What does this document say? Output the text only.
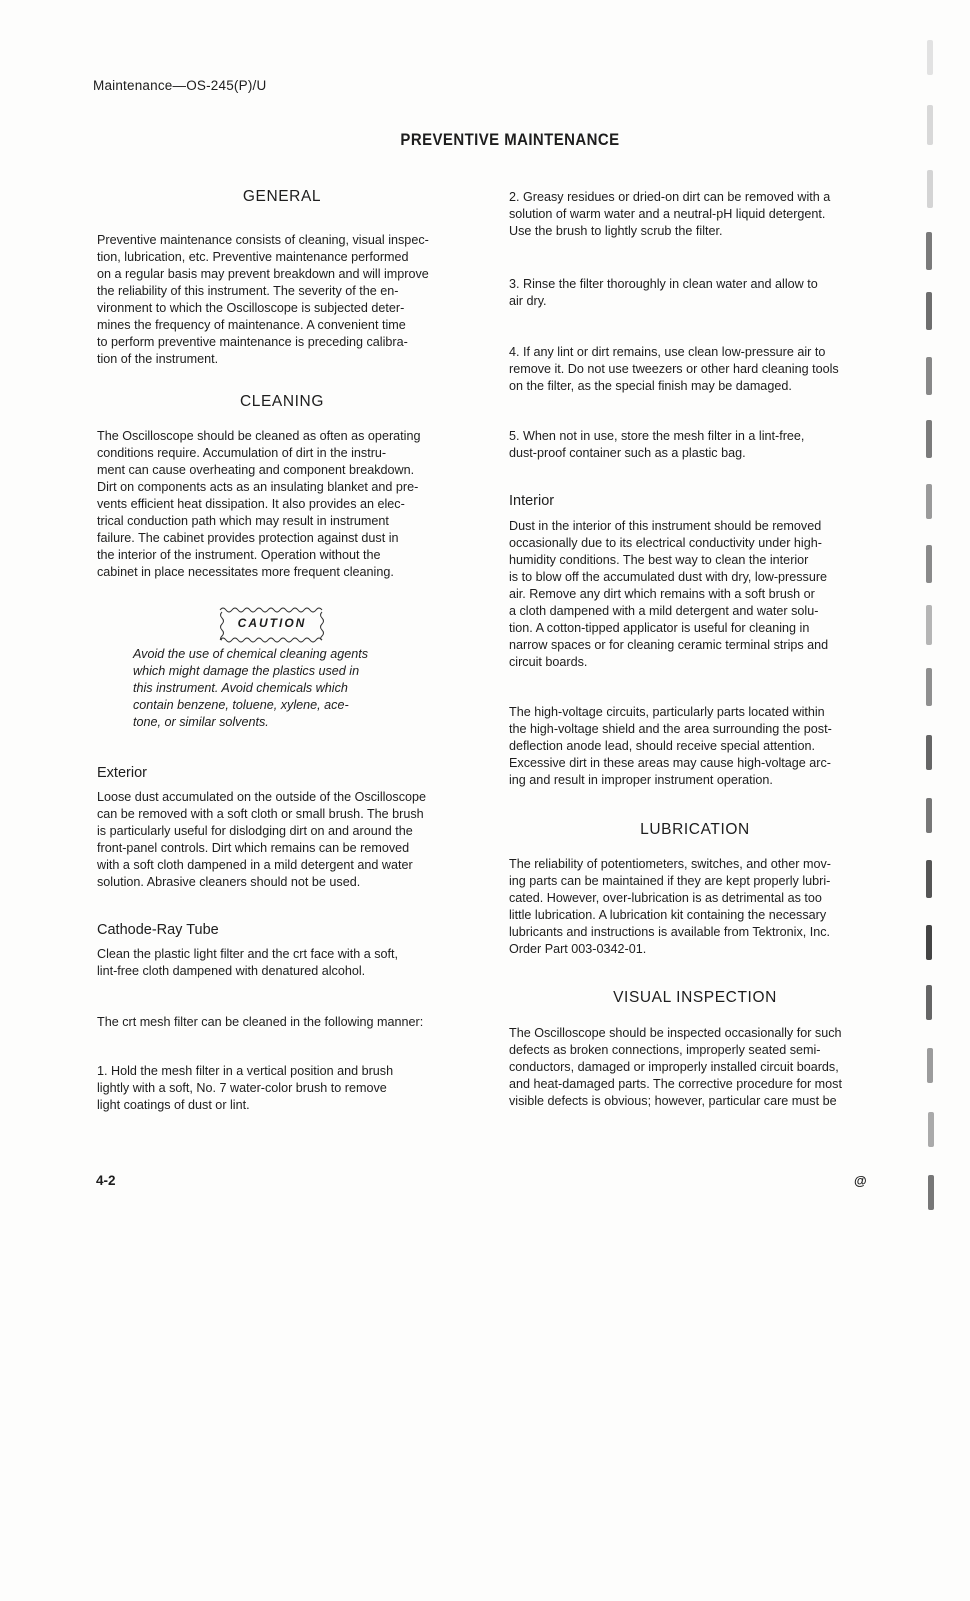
Maintenance—OS-245(P)/U
PREVENTIVE MAINTENANCE
GENERAL

Preventive maintenance consists of cleaning, visual inspec-
tion, lubrication, etc. Preventive maintenance performed
on a regular basis may prevent breakdown and will improve
the reliability of this instrument. The severity of the en-
vironment to which the Oscilloscope is subjected deter-
mines the frequency of maintenance. A convenient time
to perform preventive maintenance is preceding calibra-
tion of the instrument.

CLEANING

The Oscilloscope should be cleaned as often as operating
conditions require. Accumulation of dirt in the instru-
ment can cause overheating and component breakdown.
Dirt on components acts as an insulating blanket and pre-
vents efficient heat dissipation. It also provides an elec-
trical conduction path which may result in instrument
failure. The cabinet provides protection against dust in
the interior of the instrument. Operation without the
cabinet in place necessitates more frequent cleaning.

CAUTION
Avoid the use of chemical cleaning agents
which might damage the plastics used in
this instrument. Avoid chemicals which
contain benzene, toluene, xylene, ace-
tone, or similar solvents.
Exterior

Loose dust accumulated on the outside of the Oscilloscope
can be removed with a soft cloth or small brush. The brush
is particularly useful for dislodging dirt on and around the
front-panel controls. Dirt which remains can be removed
with a soft cloth dampened in a mild detergent and water
solution. Abrasive cleaners should not be used.

Cathode-Ray Tube

Clean the plastic light filter and the crt face with a soft,
lint-free cloth dampened with denatured alcohol.

The crt mesh filter can be cleaned in the following manner:

1. Hold the mesh filter in a vertical position and brush
lightly with a soft, No. 7 water-color brush to remove
light coatings of dust or lint.

2. Greasy residues or dried-on dirt can be removed with a
solution of warm water and a neutral-pH liquid detergent.
Use the brush to lightly scrub the filter.

3. Rinse the filter thoroughly in clean water and allow to
air dry.

4. If any lint or dirt remains, use clean low-pressure air to
remove it. Do not use tweezers or other hard cleaning tools
on the filter, as the special finish may be damaged.

5. When not in use, store the mesh filter in a lint-free,
dust-proof container such as a plastic bag.

Interior

Dust in the interior of this instrument should be removed
occasionally due to its electrical conductivity under high-
humidity conditions. The best way to clean the interior
is to blow off the accumulated dust with dry, low-pressure
air. Remove any dirt which remains with a soft brush or
a cloth dampened with a mild detergent and water solu-
tion. A cotton-tipped applicator is useful for cleaning in
narrow spaces or for cleaning ceramic terminal strips and
circuit boards.

The high-voltage circuits, particularly parts located within
the high-voltage shield and the area surrounding the post-
deflection anode lead, should receive special attention.
Excessive dirt in these areas may cause high-voltage arc-
ing and result in improper instrument operation.

LUBRICATION

The reliability of potentiometers, switches, and other mov-
ing parts can be maintained if they are kept properly lubri-
cated. However, over-lubrication is as detrimental as too
little lubrication. A lubrication kit containing the necessary
lubricants and instructions is available from Tektronix, Inc.
Order Part 003-0342-01.

VISUAL INSPECTION

The Oscilloscope should be inspected occasionally for such
defects as broken connections, improperly seated semi-
conductors, damaged or improperly installed circuit boards,
and heat-damaged parts. The corrective procedure for most
visible defects is obvious; however, particular care must be

4-2	@
